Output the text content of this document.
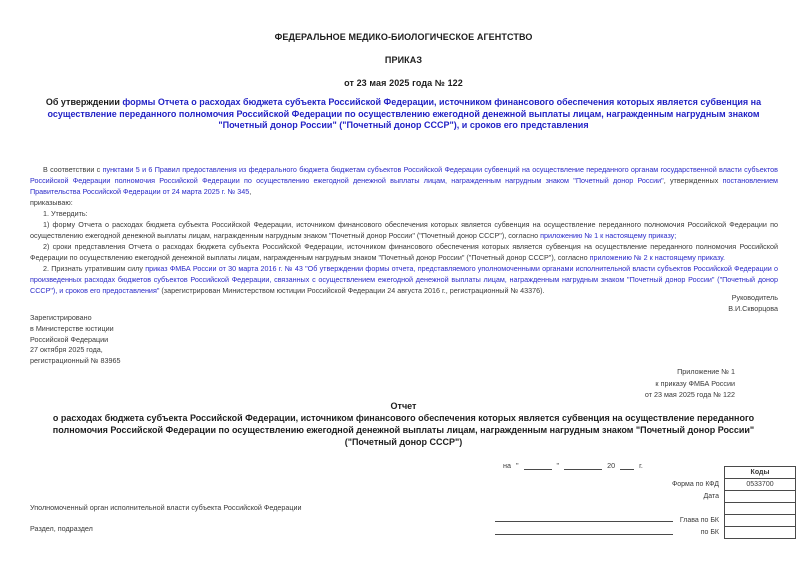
ФЕДЕРАЛЬНОЕ МЕДИКО-БИОЛОГИЧЕСКОЕ АГЕНТСТВО
ПРИКАЗ
от 23 мая 2025 года № 122
Об утверждении формы Отчета о расходах бюджета субъекта Российской Федерации, источником финансового обеспечения которых является субвенция на осуществление переданного полномочия Российской Федерации по осуществлению ежегодной денежной выплаты лицам, награжденным нагрудным знаком "Почетный донор России" ("Почетный донор СССР"), и сроков его представления

В соответствии с пунктами 5 и 6 Правил предоставления из федерального бюджета бюджетам субъектов Российской Федерации субвенций на осуществление переданного органам государственной власти субъектов Российской Федерации полномочия Российской Федерации по осуществлению ежегодной денежной выплаты лицам, награжденным нагрудным знаком "Почетный донор России", утвержденных постановлением Правительства Российской Федерации от 24 марта 2025 г. № 345,

приказываю:

1. Утвердить:

1) форму Отчета о расходах бюджета субъекта Российской Федерации, источником финансового обеспечения которых является субвенция на осуществление переданного полномочия Российской Федерации по осуществлению ежегодной денежной выплаты лицам, награжденным нагрудным знаком "Почетный донор России" ("Почетный донор СССР"), согласно приложению № 1 к настоящему приказу;

2) сроки представления Отчета о расходах бюджета субъекта Российской Федерации, источником финансового обеспечения которых является субвенция на осуществление переданного полномочия Российской Федерации по осуществлению ежегодной денежной выплаты лицам, награжденным нагрудным знаком "Почетный донор России" ("Почетный донор СССР"), согласно приложению № 2 к настоящему приказу.

2. Признать утратившим силу приказ ФМБА России от 30 марта 2016 г. № 43 "Об утверждении формы отчета, представляемого уполномоченными органами исполнительной власти субъектов Российской Федерации о произведенных расходах бюджетов субъектов Российской Федерации, связанных с осуществлением ежегодной денежной выплаты лицам, награжденным нагрудным знаком "Почетный донор России" ("Почетный донор СССР"), и сроков его предоставления" (зарегистрирован Министерством юстиции Российской Федерации 24 августа 2016 г., регистрационный № 43376).

Руководитель
В.И.Скворцова
Зарегистрировано
в Министерстве юстиции
Российской Федерации
27 октября 2025 года,
регистрационный № 83965
Приложение № 1
к приказу ФМБА России
от 23 мая 2025 года № 122
Отчет
о расходах бюджета субъекта Российской Федерации, источником финансового обеспечения которых является субвенция на осуществление переданного полномочия Российской Федерации по осуществлению ежегодной денежной выплаты лицам, награжденным нагрудным знаком "Почетный донор России" ("Почетный донор СССР")
на "	"	20	г.
Коды
Форма по КФД	0533700
Дата
Глава по БК
по БК
Уполномоченный орган исполнительной власти субъекта Российской Федерации
Раздел, подраздел
